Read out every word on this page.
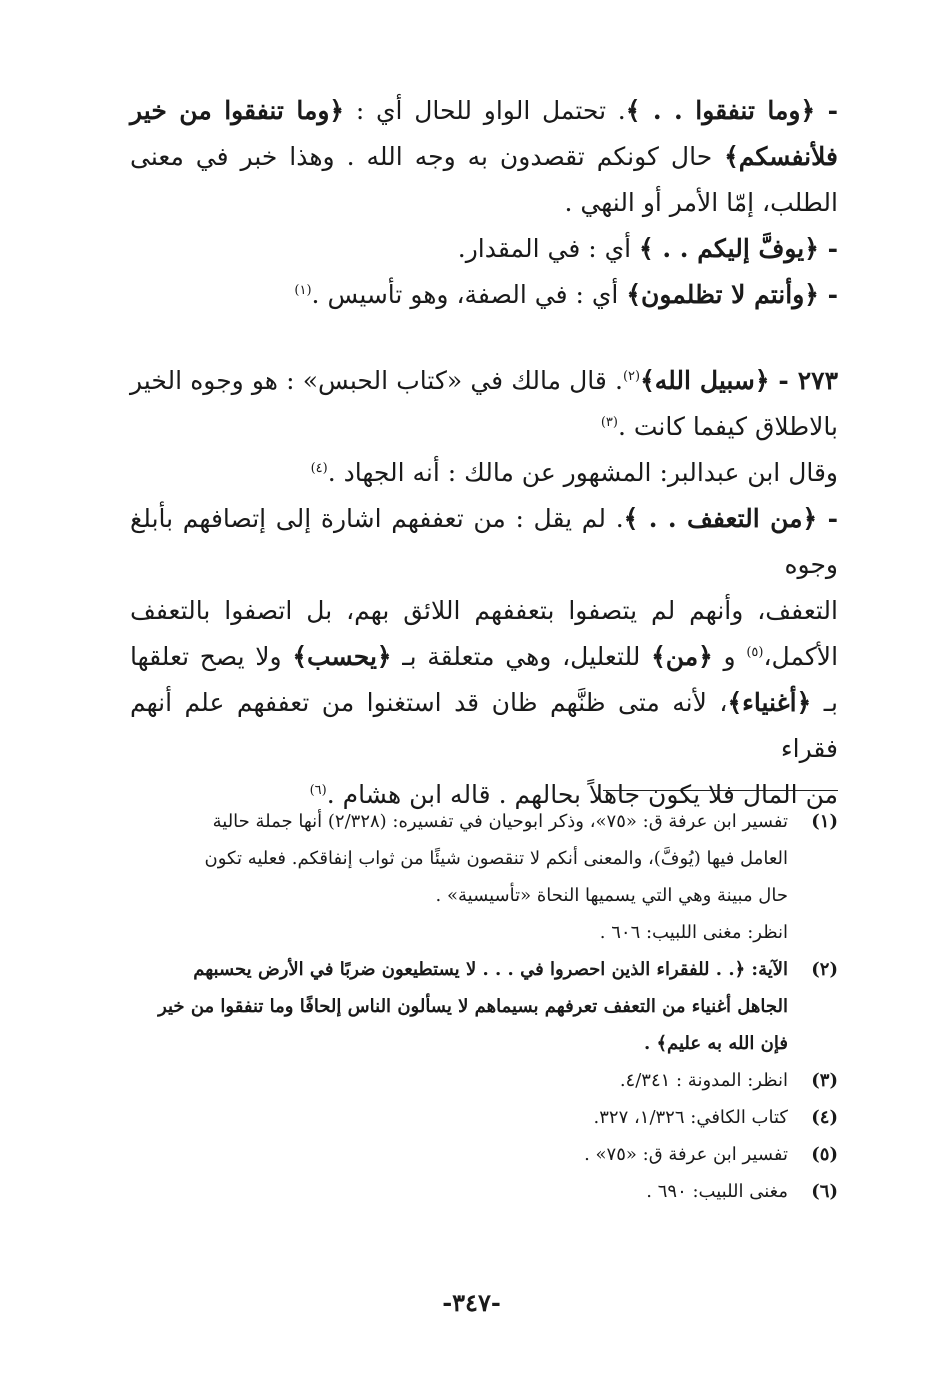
- ﴿وما تنفقوا . . ﴾. تحتمل الواو للحال أي : ﴿وما تنفقوا من خير

فلأنفسكم﴾ حال كونكم تقصدون به وجه الله . وهذا خبر في معنى

الطلب، إمّا الأمر أو النهي .

- ﴿يوفَّ إليكم . . ﴾ أي : في المقدار.

- ﴿وأنتم لا تظلمون﴾ أي : في الصفة، وهو تأسيس .$^{(١)}$

٢٧٣ - ﴿سبيل الله﴾$^{(٢)}$. قال مالك في «كتاب الحبس» : هو وجوه الخير

بالاطلاق كيفما كانت .$^{(٣)}$

وقال ابن عبدالبر: المشهور عن مالك : أنه الجهاد .$^{(٤)}$

- ﴿من التعفف . . ﴾. لم يقل : من تعففهم اشارة إلى إتصافهم بأبلغ وجوه

التعفف، وأنهم لم يتصفوا بتعففهم اللائق بهم، بل اتصفوا بالتعفف

الأكمل،$^{(٥)}$ و ﴿من﴾ للتعليل، وهي متعلقة بـ ﴿يحسب﴾ ولا يصح تعلقها

بـ ﴿أغنياء﴾، لأنه متى ظنَّهم ظان قد استغنوا من تعففهم علم أنهم فقراء

من المال فلا يكون جاهلاً بحالهم . قاله ابن هشام .$^{(٦)}$

(١)
تفسير ابن عرفة ق: «٧٥»، وذكر ابوحيان في تفسيره: (٢/٣٢٨) أنها جملة حالية
العامل فيها (يُوفَّ)، والمعنى أنكم لا تنقصون شيئًا من ثواب إنفاقكم. فعليه تكون
حال مبينة وهي التي يسميها النحاة «تأسيسية» .
انظر: مغنى اللبيب: ٦٠٦ .
(٢)
الآية: ﴿. . للفقراء الذين احصروا في . . . لا يستطيعون ضربًا في الأرض يحسبهم
الجاهل أغنياء من التعفف تعرفهم بسيماهم لا يسألون الناس إلحافًا وما تنفقوا من خير
فإن الله به عليم﴾ .
(٣)
انظر: المدونة : ٤/٣٤١.
(٤)
كتاب الكافي: ١/٣٢٦، ٣٢٧.
(٥)
تفسير ابن عرفة ق: «٧٥» .
(٦)
مغنى اللبيب: ٦٩٠ .
-٣٤٧-
